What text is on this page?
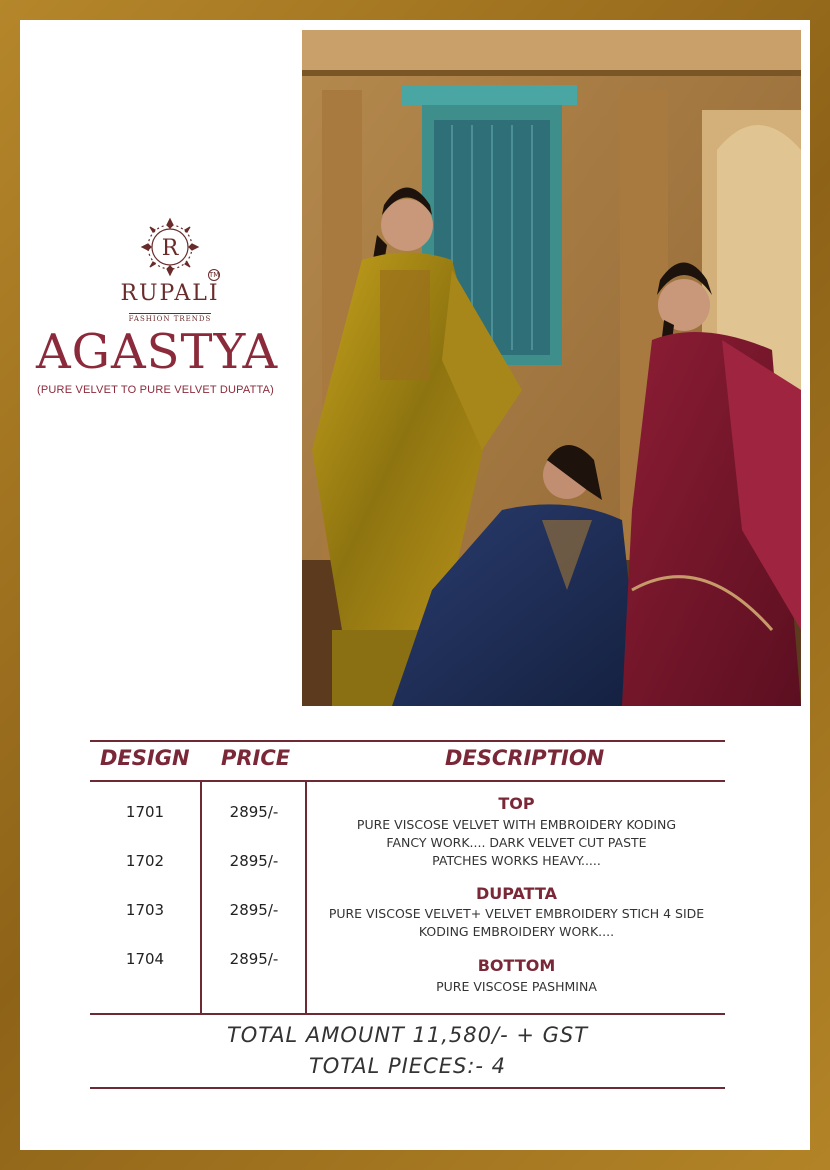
R
TM
RUPALI
FASHION TRENDS
AGASTYA
(PURE VELVET TO PURE VELVET DUPATTA)
DESIGN PRICE	DESCRIPTION
1701	2895/-
1702	2895/-
1703	2895/-
1704	2895/-
TOP
PURE VISCOSE VELVET WITH EMBROIDERY KODING
FANCY WORK.... DARK VELVET CUT PASTE
PATCHES WORKS HEAVY.....
DUPATTA
PURE VISCOSE VELVET+ VELVET EMBROIDERY STICH 4 SIDE
KODING EMBROIDERY WORK....
BOTTOM
PURE VISCOSE PASHMINA
TOTAL AMOUNT 11,580/- + GST
TOTAL PIECES:- 4
